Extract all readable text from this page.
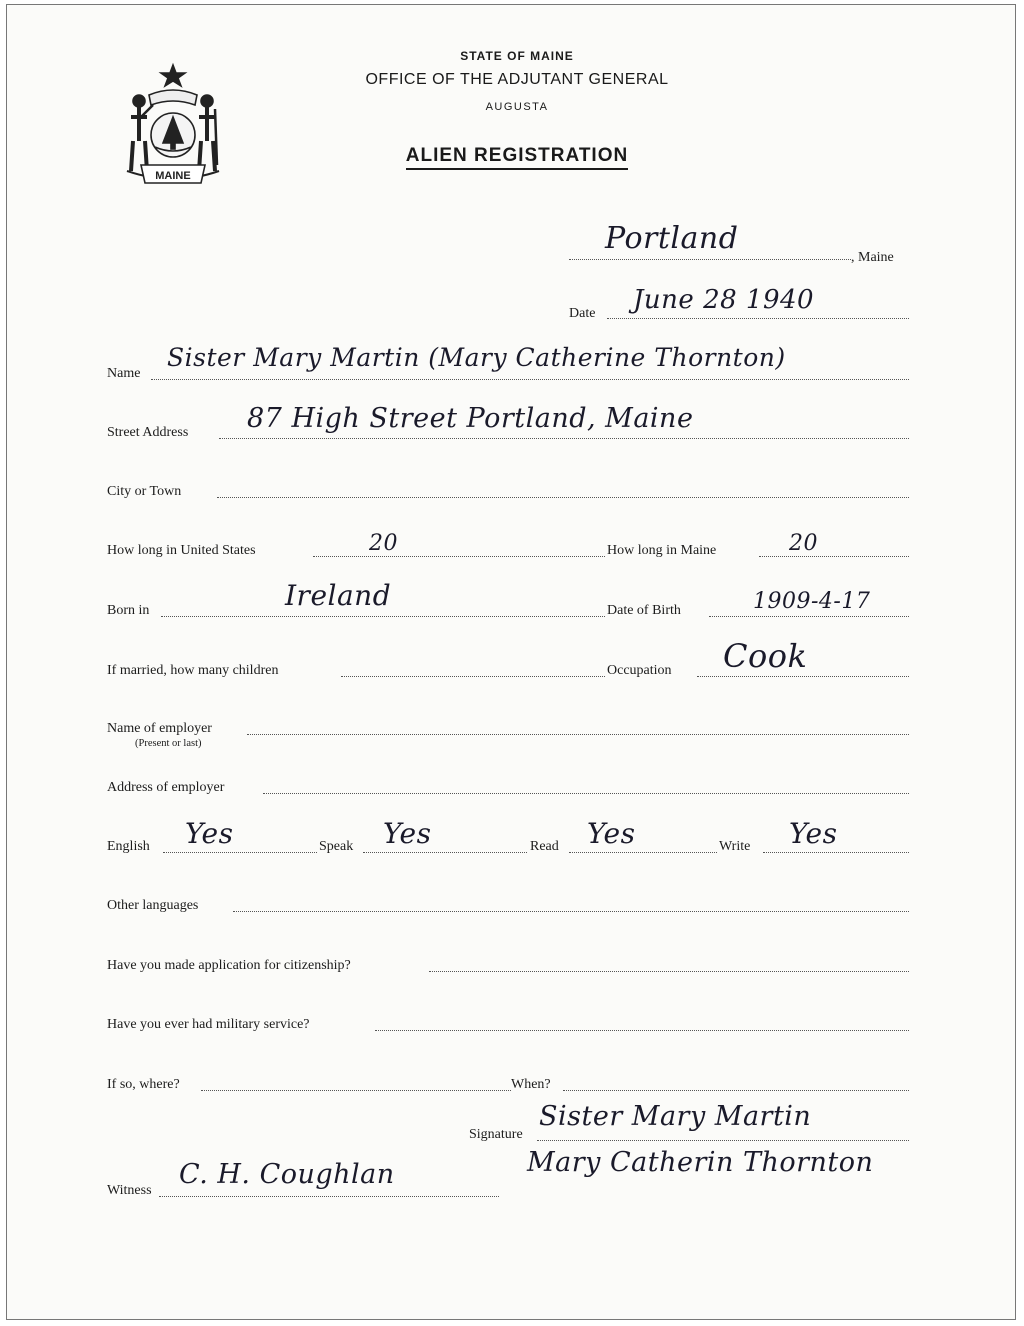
MAINE
STATE OF MAINE
OFFICE OF THE ADJUTANT GENERAL
AUGUSTA
ALIEN REGISTRATION
Portland
, Maine
Date June 28 1940
Name
Sister Mary Martin (Mary Catherine Thornton)
Street Address 87 High Street Portland, Maine
City or Town
How long in United States	20	How long in Maine	20
Born in	Ireland	Date of Birth	1909-4-17
If married, how many children	Occupation Cook
Name of employer
(Present or last)
Address of employer
English Yes	Speak Yes	Read Yes	Write Yes
Other languages
Have you made application for citizenship?
Have you ever had military service?
If so, where?	When?
Signature
Sister Mary Martin
Mary Catherin Thornton
Witness
C. H. Coughlan
